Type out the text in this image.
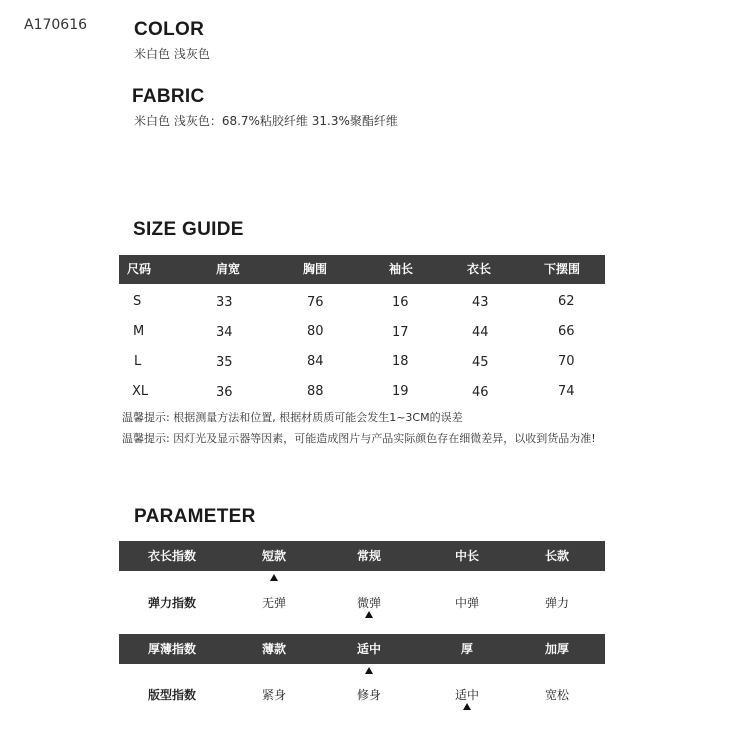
A170616 COLOR
米白色 浅灰色
FABRIC
米白色 浅灰色：68.7%粘胶纤维 31.3%聚酯纤维
SIZE GUIDE
尺码	肩宽	胸围	袖长	衣长	下摆围
S	33	76	16	43	62
M	34	80	17	44	66
L	35	84	18	45	70
XL	36	88	19	46	74
温馨提示: 根据测量方法和位置, 根据材质质可能会发生1~3CM的误差
温馨提示: 因灯光及显示器等因素，可能造成图片与产品实际颜色存在细微差异，以收到货品为准!
PARAMETER
衣长指数	短款	常规	中长	长款
弹力指数	无弹	微弹	中弹	弹力
厚薄指数	薄款	适中	厚	加厚
版型指数	紧身	修身	适中	宽松
